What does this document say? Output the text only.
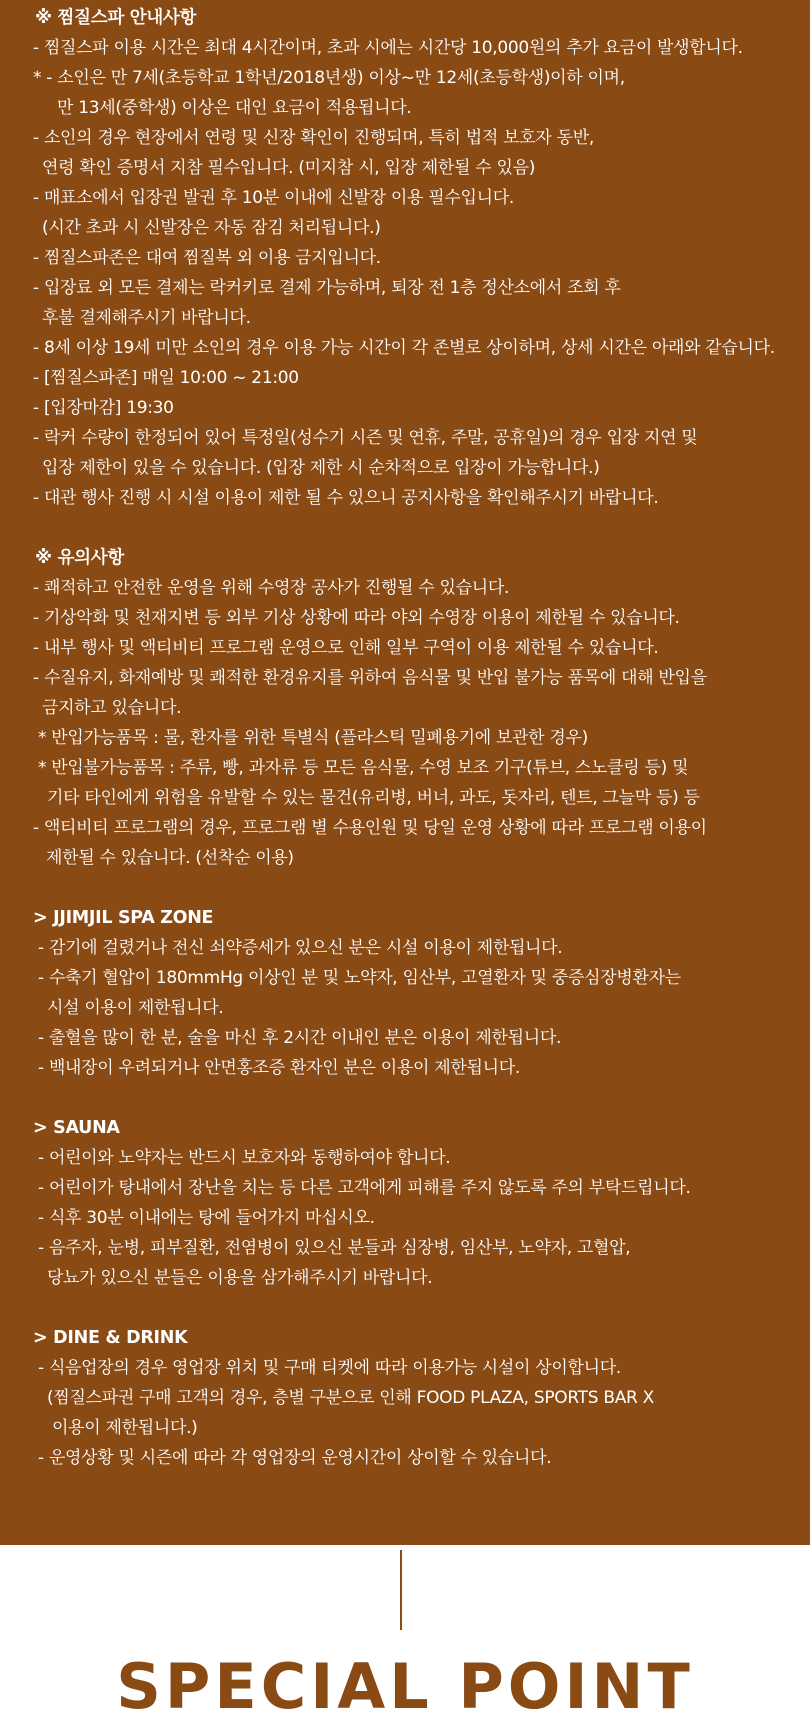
※ 찜질스파 안내사항
- 찜질스파 이용 시간은 최대 4시간이며, 초과 시에는 시간당 10,000원의 추가 요금이 발생합니다.
* - 소인은 만 7세(초등학교 1학년/2018년생) 이상~만 12세(초등학생)이하 이며,
만 13세(중학생) 이상은 대인 요금이 적용됩니다.
- 소인의 경우 현장에서 연령 및 신장 확인이 진행되며, 특히 법적 보호자 동반,
연령 확인 증명서 지참 필수입니다. (미지참 시, 입장 제한될 수 있음)
- 매표소에서 입장권 발권 후 10분 이내에 신발장 이용 필수입니다.
(시간 초과 시 신발장은 자동 잠김 처리됩니다.)
- 찜질스파존은 대여 찜질복 외 이용 금지입니다.
- 입장료 외 모든 결제는 락커키로 결제 가능하며, 퇴장 전 1층 정산소에서 조회 후
후불 결제해주시기 바랍니다.
- 8세 이상 19세 미만 소인의 경우 이용 가능 시간이 각 존별로 상이하며, 상세 시간은 아래와 같습니다.
- [찜질스파존] 매일 10:00 ~ 21:00
- [입장마감] 19:30
- 락커 수량이 한정되어 있어 특정일(성수기 시즌 및 연휴, 주말, 공휴일)의 경우 입장 지연 및
입장 제한이 있을 수 있습니다. (입장 제한 시 순차적으로 입장이 가능합니다.)
- 대관 행사 진행 시 시설 이용이 제한 될 수 있으니 공지사항을 확인해주시기 바랍니다.
※ 유의사항
- 쾌적하고 안전한 운영을 위해 수영장 공사가 진행될 수 있습니다.
- 기상악화 및 천재지변 등 외부 기상 상황에 따라 야외 수영장 이용이 제한될 수 있습니다.
- 내부 행사 및 액티비티 프로그램 운영으로 인해 일부 구역이 이용 제한될 수 있습니다.
- 수질유지, 화재예방 및 쾌적한 환경유지를 위하여 음식물 및 반입 불가능 품목에 대해 반입을
금지하고 있습니다.
* 반입가능품목 : 물, 환자를 위한 특별식 (플라스틱 밀폐용기에 보관한 경우)
* 반입불가능품목 : 주류, 빵, 과자류 등 모든 음식물, 수영 보조 기구(튜브, 스노클링 등) 및
기타 타인에게 위험을 유발할 수 있는 물건(유리병, 버너, 과도, 돗자리, 텐트, 그늘막 등) 등
- 액티비티 프로그램의 경우, 프로그램 별 수용인원 및 당일 운영 상황에 따라 프로그램 이용이
제한될 수 있습니다. (선착순 이용)
> JJIMJIL SPA ZONE
- 감기에 걸렸거나 전신 쇠약증세가 있으신 분은 시설 이용이 제한됩니다.
- 수축기 혈압이 180mmHg 이상인 분 및 노약자, 임산부, 고열환자 및 중증심장병환자는
시설 이용이 제한됩니다.
- 출혈을 많이 한 분, 술을 마신 후 2시간 이내인 분은 이용이 제한됩니다.
- 백내장이 우려되거나 안면홍조증 환자인 분은 이용이 제한됩니다.
> SAUNA
- 어린이와 노약자는 반드시 보호자와 동행하여야 합니다.
- 어린이가 탕내에서 장난을 치는 등 다른 고객에게 피해를 주지 않도록 주의 부탁드립니다.
- 식후 30분 이내에는 탕에 들어가지 마십시오.
- 음주자, 눈병, 피부질환, 전염병이 있으신 분들과 심장병, 임산부, 노약자, 고혈압,
당뇨가 있으신 분들은 이용을 삼가해주시기 바랍니다.
> DINE & DRINK
- 식음업장의 경우 영업장 위치 및 구매 티켓에 따라 이용가능 시설이 상이합니다.
(찜질스파권 구매 고객의 경우, 층별 구분으로 인해 FOOD PLAZA, SPORTS BAR X
이용이 제한됩니다.)
- 운영상황 및 시즌에 따라 각 영업장의 운영시간이 상이할 수 있습니다.
SPECIAL POINT
